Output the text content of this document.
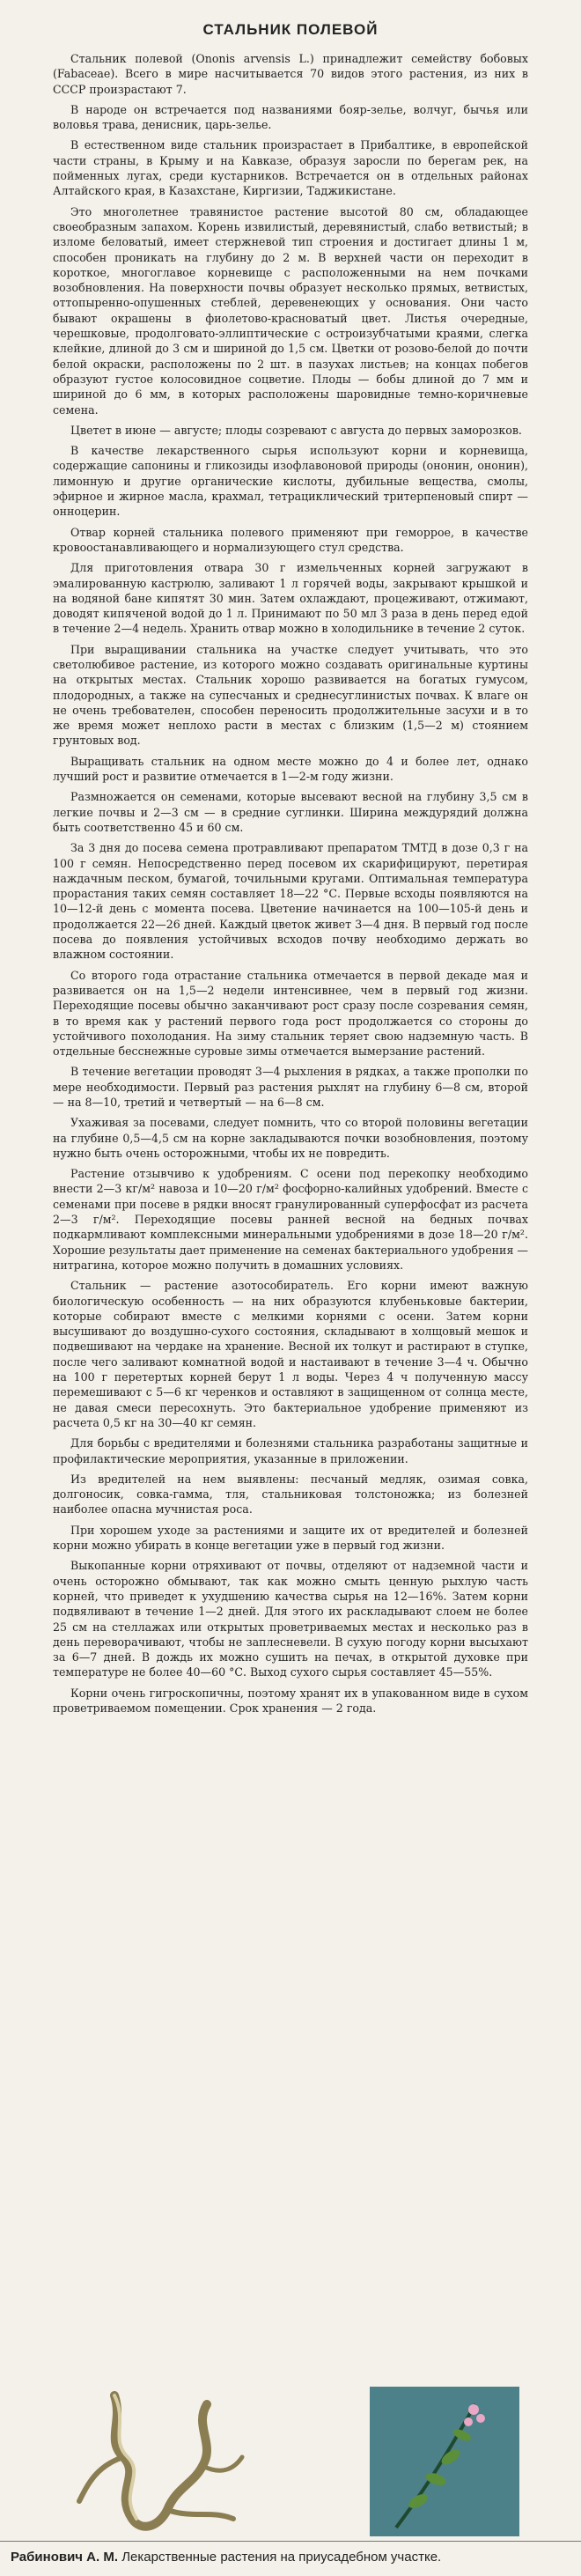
СТАЛЬНИК ПОЛЕВОЙ

Стальник полевой (Ononis arvensis L.) принадлежит семейству бобовых (Fabaceae). Всего в мире насчитывается 70 видов этого растения, из них в СССР произрастают 7.

В народе он встречается под названиями бояр-зелье, волчуг, бычья или воловья травa, денисник, царь-зелье.

В естественном виде стальник произрастает в Прибалтике, в европейской части страны, в Крыму и на Кавказе, образуя заросли по берегам рек, на пойменных лугах, среди кустарников. Встречается он в отдельных районах Алтайского края, в Казахстане, Киргизии, Таджикистане.

Это многолетнее травянистое растение высотой 80 см, обладающее своеобразным запахом. Корень извилистый, деревянистый, слабо ветвистый; в изломе беловатый, имеет стержневой тип строения и достигает длины 1 м, способен проникать на глубину до 2 м. В верхней части он переходит в короткое, многоглавое корневище с расположенными на нем почками возобновления. На поверхности почвы образует несколько прямых, ветвистых, оттопыренно-опушенных стеблей, деревенеющих у основания. Они часто бывают окрашены в фиолетово-красноватый цвет. Листья очередные, черешковые, продолговато-эллиптические с остроизубчатыми краями, слегка клейкие, длиной до 3 см и шириной до 1,5 см. Цветки от розово-белой до почти белой окраски, расположены по 2 шт. в пазухах листьев; на концах побегов образуют густое колосовидное соцветие. Плоды — бобы длиной до 7 мм и шириной до 6 мм, в которых расположены шаровидные темно-коричневые семена.

Цветет в июне — августе; плоды созревают с августа до первых заморозков.

В качестве лекарственного сырья используют корни и корневища, содержащие сапонины и гликозиды изофлавоновой природы (ононин, ононин), лимонную и другие органические кислоты, дубильные вещества, смолы, эфирное и жирное масла, крахмал, тетрациклический тритерпеновый спирт — онноцерин.

Отвар корней стальника полевого применяют при геморрое, в качестве кровоостанавливающего и нормализующего стул средства.

Для приготовления отвара 30 г измельченных корней загружают в эмалированную кастрюлю, заливают 1 л горячей воды, закрывают крышкой и на водяной бане кипятят 30 мин. Затем охлаждают, процеживают, отжимают, доводят кипяченой водой до 1 л. Принимают по 50 мл 3 раза в день перед едой в течение 2—4 недель. Хранить отвар можно в холодильнике в течение 2 суток.

При выращивании стальника на участке следует учитывать, что это светолюбивое растение, из которого можно создавать оригинальные куртины на открытых местах. Стальник хорошо развивается на богатых гумусом, плодородных, а также на супесчаных и среднесуглинистых почвах. К влаге он не очень требователен, способен переносить продолжительные засухи и в то же время может неплохо расти в местах с близким (1,5—2 м) стоянием грунтовых вод.

Выращивать стальник на одном месте можно до 4 и более лет, однако лучший рост и развитие отмечается в 1—2-м году жизни.

Размножается он семенами, которые высевают весной на глубину 3,5 см в легкие почвы и 2—3 см — в средние суглинки. Ширина междурядий должна быть соответственно 45 и 60 см.

За 3 дня до посева семена протравливают препаратом ТМТД в дозе 0,3 г на 100 г семян. Непосредственно перед посевом их скарифицируют, перетирая наждачным песком, бумагой, точильными кругами. Оптимальная температура прорастания таких семян составляет 18—22 °С. Первые всходы появляются на 10—12-й день с момента посева. Цветение начинается на 100—105-й день и продолжается 22—26 дней. Каждый цветок живет 3—4 дня. В первый год после посева до появления устойчивых всходов почву необходимо держать во влажном состоянии.

Со второго года отрастание стальника отмечается в первой декаде мая и развивается он на 1,5—2 недели интенсивнее, чем в первый год жизни. Переходящие посевы обычно заканчивают рост сразу после созревания семян, в то время как у растений первого года рост продолжается со стороны до устойчивого похолодания. На зиму стальник теряет свою надземную часть. В отдельные бесснежные суровые зимы отмечается вымерзание растений.

В течение вегетации проводят 3—4 рыхления в рядках, а также прополки по мере необходимости. Первый раз растения рыхлят на глубину 6—8 см, второй — на 8—10, третий и четвертый — на 6—8 см.

Ухаживая за посевами, следует помнить, что со второй половины вегетации на глубине 0,5—4,5 см на корне закладываются почки возобновления, поэтому нужно быть очень осторожными, чтобы их не повредить.

Растение отзывчиво к удобрениям. С осени под перекопку необходимо внести 2—3 кг/м² навоза и 10—20 г/м² фосфорно-калийных удобрений. Вместе с семенами при посеве в рядки вносят гранулированный суперфосфат из расчета 2—3 г/м². Переходящие посевы ранней весной на бедных почвах подкармливают комплексными минеральными удобрениями в дозе 18—20 г/м². Хорошие результаты дает применение на семенах бактериального удобрения — нитрагина, которое можно получить в домашних условиях.

Стальник — растение азотособиратель. Его корни имеют важную биологическую особенность — на них образуются клубеньковые бактерии, которые собирают вместе с мелкими корнями с осени. Затем корни высушивают до воздушно-сухого состояния, складывают в холщовый мешок и подвешивают на чердаке на хранение. Весной их толкут и растирают в ступке, после чего заливают комнатной водой и настаивают в течение 3—4 ч. Обычно на 100 г перетертых корней берут 1 л воды. Через 4 ч полученную массу перемешивают с 5—6 кг черенков и оставляют в защищенном от солнца месте, не давая смеси пересохнуть. Это бактериальное удобрение применяют из расчета 0,5 кг на 30—40 кг семян.

Для борьбы с вредителями и болезнями стальника разработаны защитные и профилактические мероприятия, указанные в приложении.

Из вредителей на нем выявлены: песчаный медляк, озимая совка, долгоносик, совка-гамма, тля, стальниковая толстоножка; из болезней наиболее опасна мучнистая роса.

При хорошем уходе за растениями и защите их от вредителей и болезней корни можно убирать в конце вегетации уже в первый год жизни.

Выкопанные корни отряхивают от почвы, отделяют от надземной части и очень осторожно обмывают, так как можно смыть ценную рыхлую часть корней, что приведет к ухудшению качества сырья на 12—16%. Затем корни подвяливают в течение 1—2 дней. Для этого их раскладывают слоем не более 25 см на стеллажах или открытых проветриваемых местах и несколько раз в день переворачивают, чтобы не заплесневели. В сухую погоду корни высыхают за 6—7 дней. В дождь их можно сушить на печах, в открытой духовке при температуре не более 40—60 °С. Выход сухого сырья составляет 45—55%.

Корни очень гигроскопичны, поэтому хранят их в упакованном виде в сухом проветриваемом помещении. Срок хранения — 2 года.

Рабинович А. М. Лекарственные растения на приусадебном участке.
